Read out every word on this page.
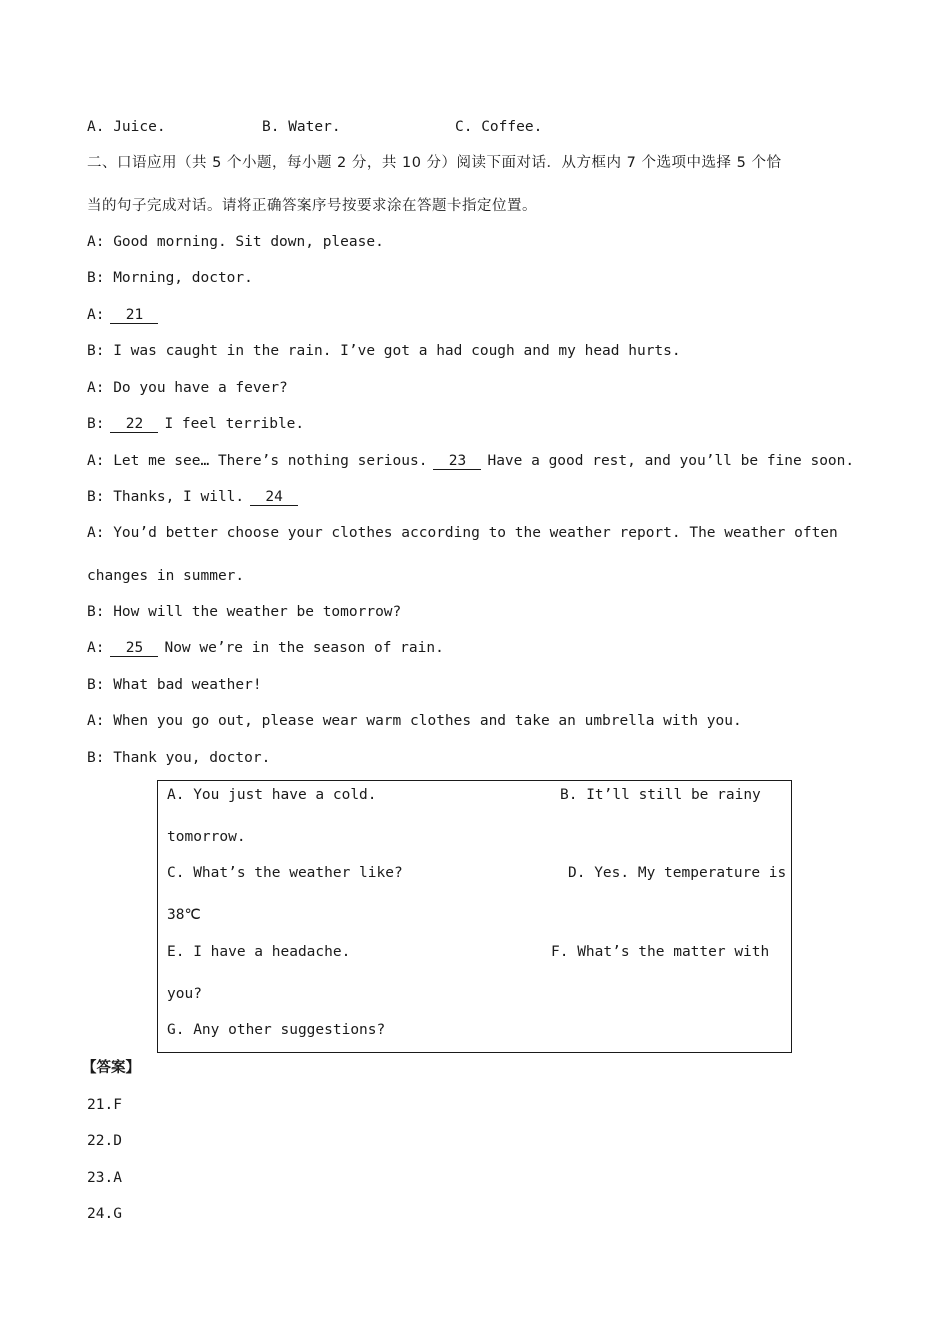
A. Juice.	B. Water.	C. Coffee.
二、口语应用（共 5 个小题，每小题 2 分，共 10 分）阅读下面对话．从方框内 7 个选项中选择 5 个恰
当的句子完成对话。请将正确答案序号按要求涂在答题卡指定位置。
A: Good morning. Sit down, please.
B: Morning, doctor.
A: 21
B: I was caught in the rain. I’ve got a had cough and my head hurts.
A: Do you have a fever?
B: 22 I feel terrible.
A: Let me see… There’s nothing serious. 23 Have a good rest, and you’ll be fine soon.
B: Thanks, I will. 24
A: You’d better choose your clothes according to the weather report. The weather often
changes in summer.
B: How will the weather be tomorrow?
A: 25 Now we’re in the season of rain.
B: What bad weather!
A: When you go out, please wear warm clothes and take an umbrella with you.
B: Thank you, doctor.
A. You just have a cold.	B. It’ll still be rainy
tomorrow.
C. What’s the weather like?	D. Yes. My temperature is
38℃
E. I have a headache.	F. What’s the matter with
you?
G. Any other suggestions?
【答案】
21.F
22.D
23.A
24.G
